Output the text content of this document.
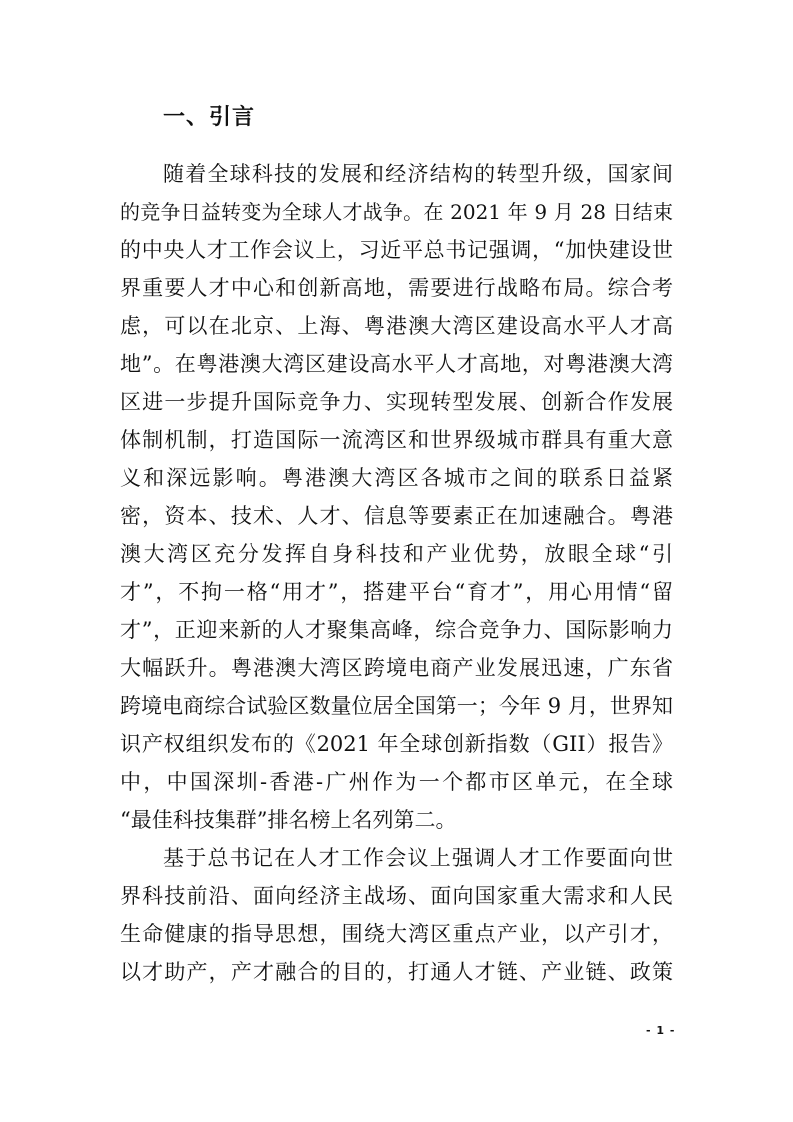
一、引言
随着全球科技的发展和经济结构的转型升级，国家间
的竞争日益转变为全球人才战争。在 2021 年 9 月 28 日结束
的中央人才工作会议上，习近平总书记强调，“加快建设世
界重要人才中心和创新高地，需要进行战略布局。综合考
虑，可以在北京、上海、粤港澳大湾区建设高水平人才高
地”。在粤港澳大湾区建设高水平人才高地，对粤港澳大湾
区进一步提升国际竞争力、实现转型发展、创新合作发展
体制机制，打造国际一流湾区和世界级城市群具有重大意
义和深远影响。粤港澳大湾区各城市之间的联系日益紧
密，资本、技术、人才、信息等要素正在加速融合。粤港
澳大湾区充分发挥自身科技和产业优势，放眼全球“引
才”，不拘一格“用才”，搭建平台“育才”，用心用情“留
才”，正迎来新的人才聚集高峰，综合竞争力、国际影响力
大幅跃升。粤港澳大湾区跨境电商产业发展迅速，广东省
跨境电商综合试验区数量位居全国第一；今年 9 月，世界知
识产权组织发布的《2021 年全球创新指数（GII）报告》
中，中国深圳-香港-广州作为一个都市区单元，在全球
“最佳科技集群”排名榜上名列第二。
基于总书记在人才工作会议上强调人才工作要面向世
界科技前沿、面向经济主战场、面向国家重大需求和人民
生命健康的指导思想，围绕大湾区重点产业，以产引才，
以才助产，产才融合的目的，打通人才链、产业链、政策
- 1 -
